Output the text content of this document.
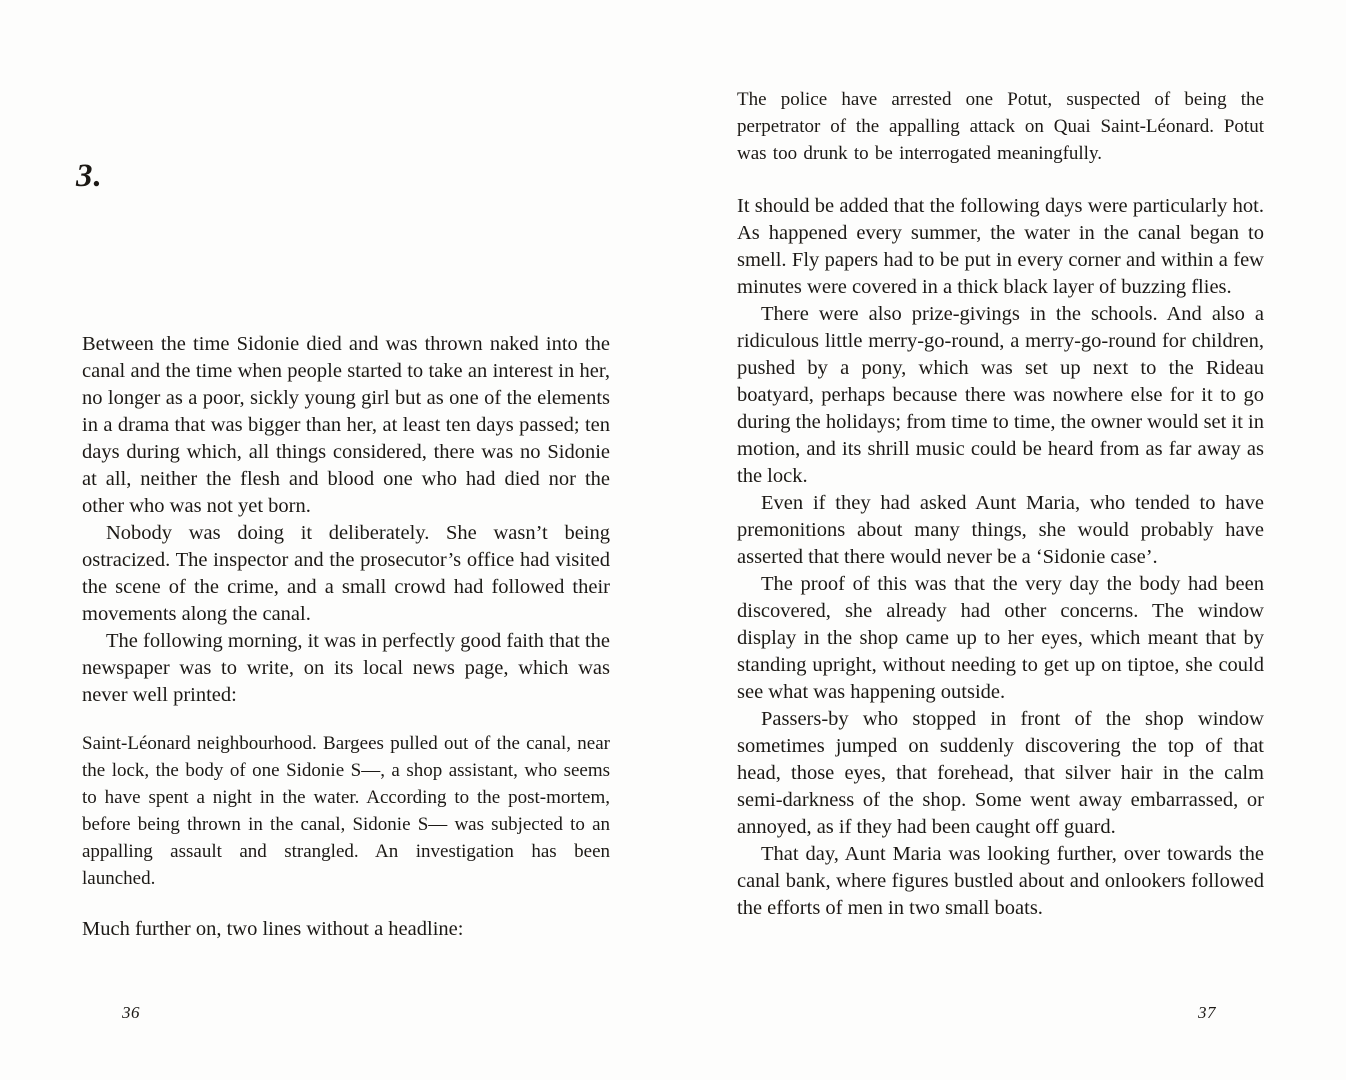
3.

Between the time Sidonie died and was thrown naked into the canal and the time when people started to take an interest in her, no longer as a poor, sickly young girl but as one of the elements in a drama that was bigger than her, at least ten days passed; ten days during which, all things considered, there was no Sidonie at all, neither the flesh and blood one who had died nor the other who was not yet born.

Nobody was doing it deliberately. She wasn’t being ostracized. The inspector and the prosecutor’s office had visited the scene of the crime, and a small crowd had followed their movements along the canal.

The following morning, it was in perfectly good faith that the newspaper was to write, on its local news page, which was never well printed:

Saint-Léonard neighbourhood. Bargees pulled out of the canal, near the lock, the body of one Sidonie S—, a shop assistant, who seems to have spent a night in the water. According to the post-mortem, before being thrown in the canal, Sidonie S— was subjected to an appalling assault and strangled. An investigation has been launched.

Much further on, two lines without a headline:

36

The police have arrested one Potut, suspected of being the perpetrator of the appalling attack on Quai Saint-Léonard. Potut was too drunk to be interrogated meaningfully.

It should be added that the following days were particularly hot. As happened every summer, the water in the canal began to smell. Fly papers had to be put in every corner and within a few minutes were covered in a thick black layer of buzzing flies.

There were also prize-givings in the schools. And also a ridiculous little merry-go-round, a merry-go-round for children, pushed by a pony, which was set up next to the Rideau boatyard, perhaps because there was nowhere else for it to go during the holidays; from time to time, the owner would set it in motion, and its shrill music could be heard from as far away as the lock.

Even if they had asked Aunt Maria, who tended to have premonitions about many things, she would probably have asserted that there would never be a ‘Sidonie case’.

The proof of this was that the very day the body had been discovered, she already had other concerns. The window display in the shop came up to her eyes, which meant that by standing upright, without needing to get up on tiptoe, she could see what was happening outside.

Passers-by who stopped in front of the shop window sometimes jumped on suddenly discovering the top of that head, those eyes, that forehead, that silver hair in the calm semi-darkness of the shop. Some went away embarrassed, or annoyed, as if they had been caught off guard.

That day, Aunt Maria was looking further, over towards the canal bank, where figures bustled about and onlookers followed the efforts of men in two small boats.

37
